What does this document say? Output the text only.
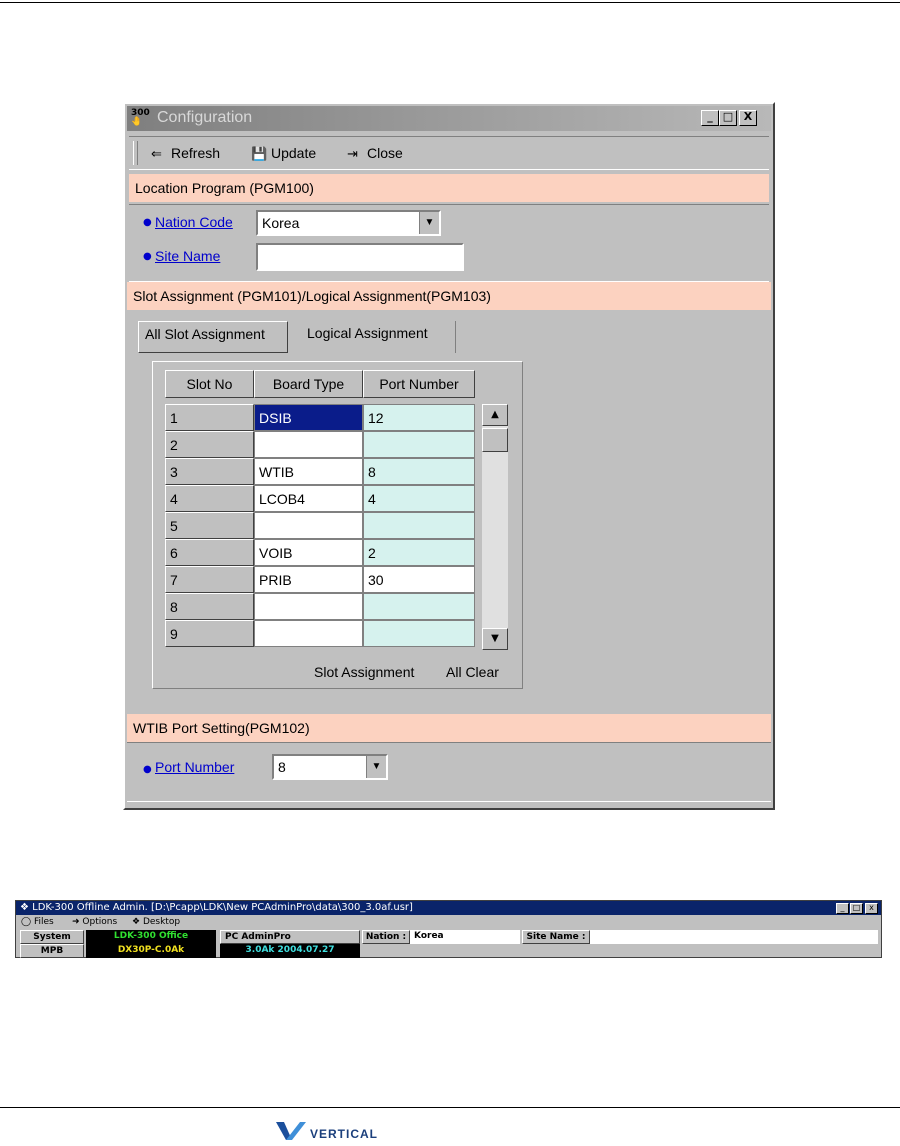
300
🤚 Configuration	_ □ X
⇐ Refresh 💾 Update ⇥ Close
Location Program (PGM100)
● Nation Code	Korea	▼
● Site Name
Slot Assignment (PGM101)/Logical Assignment(PGM103)
All Slot Assignment	Logical Assignment
Slot No	Board Type	Port Number
1	DSIB	12
2
3	WTIB	8
4	LCOB4	4
5
6	VOIB	2
7	PRIB	30
8
9
▲
▼
Slot Assignment All Clear
WTIB Port Setting(PGM102)
● Port Number	8	▼
❖ LDK-300 Offline Admin. [D:\Pcapp\LDK\New PCAdminPro\data\300_3.0af.usr]	_	□	x
◯ Files ➜ Options ❖ Desktop
System	LDK-300 Office
MPB	DX30P-C.0Ak
PC AdminPro
3.0Ak 2004.07.27
Nation : Korea	Site Name :
VERTICAL
